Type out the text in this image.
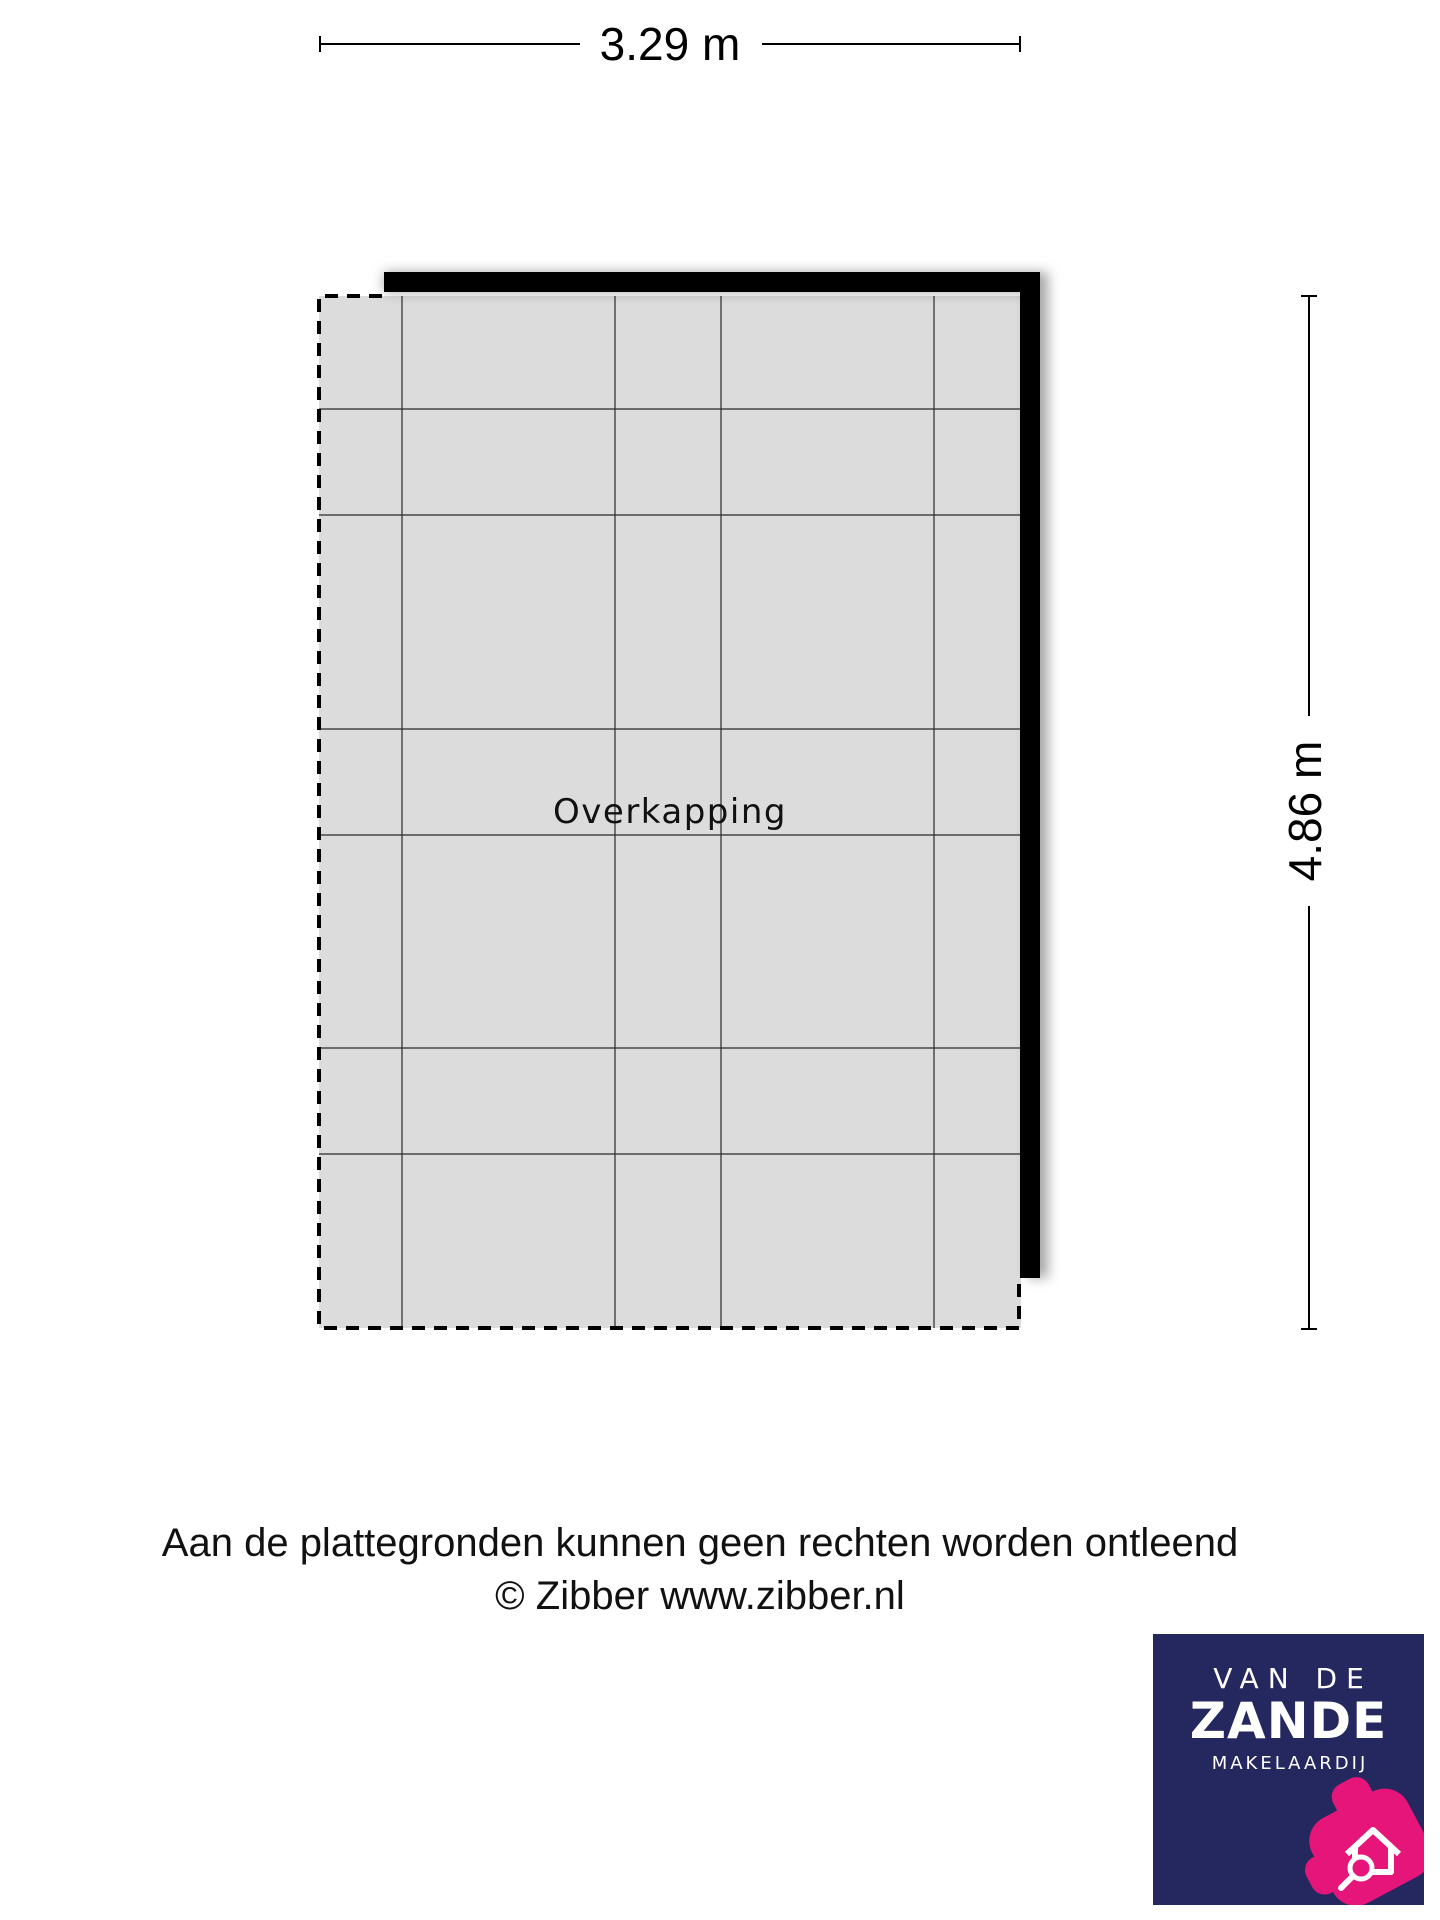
3.29 m
4.86 m
Overkapping
Aan de plattegronden kunnen geen rechten worden ontleend
© Zibber www.zibber.nl
VAN DE
ZANDE
MAKELAARDIJ
